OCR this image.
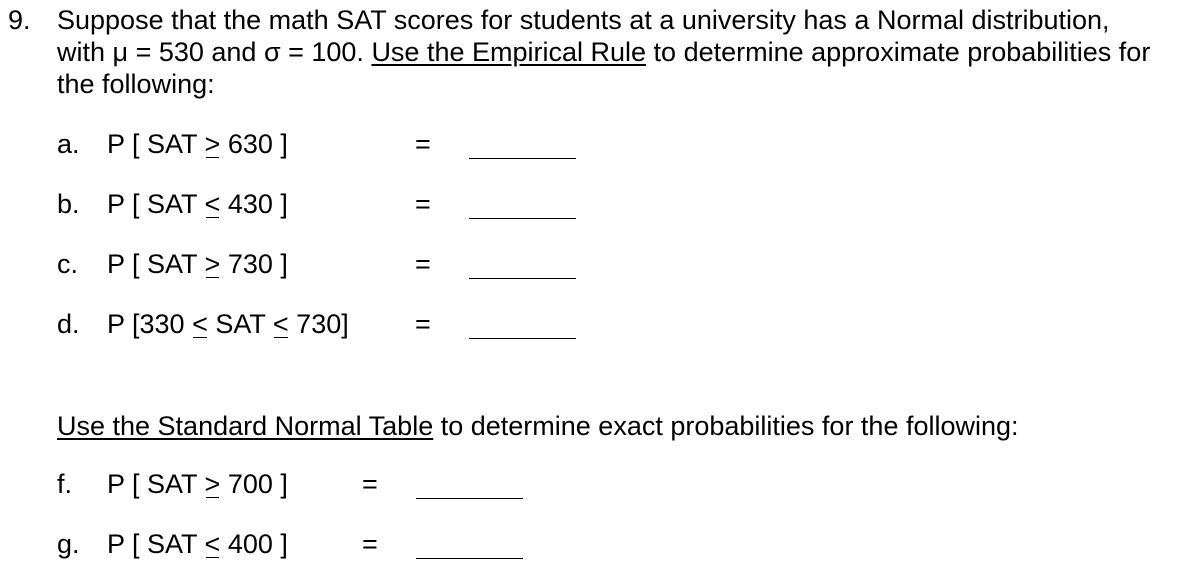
9. Suppose that the math SAT scores for students at a university has a Normal distribution,
with μ = 530 and σ = 100. Use the Empirical Rule to determine approximate probabilities for
the following:
a. P [ SAT > 630 ]	=
b. P [ SAT < 430 ]	=
c. P [ SAT > 730 ]	=
d. P [330 < SAT < 730] =
Use the Standard Normal Table to determine exact probabilities for the following:
f. P [ SAT > 700 ]	=
g. P [ SAT < 400 ]	=
